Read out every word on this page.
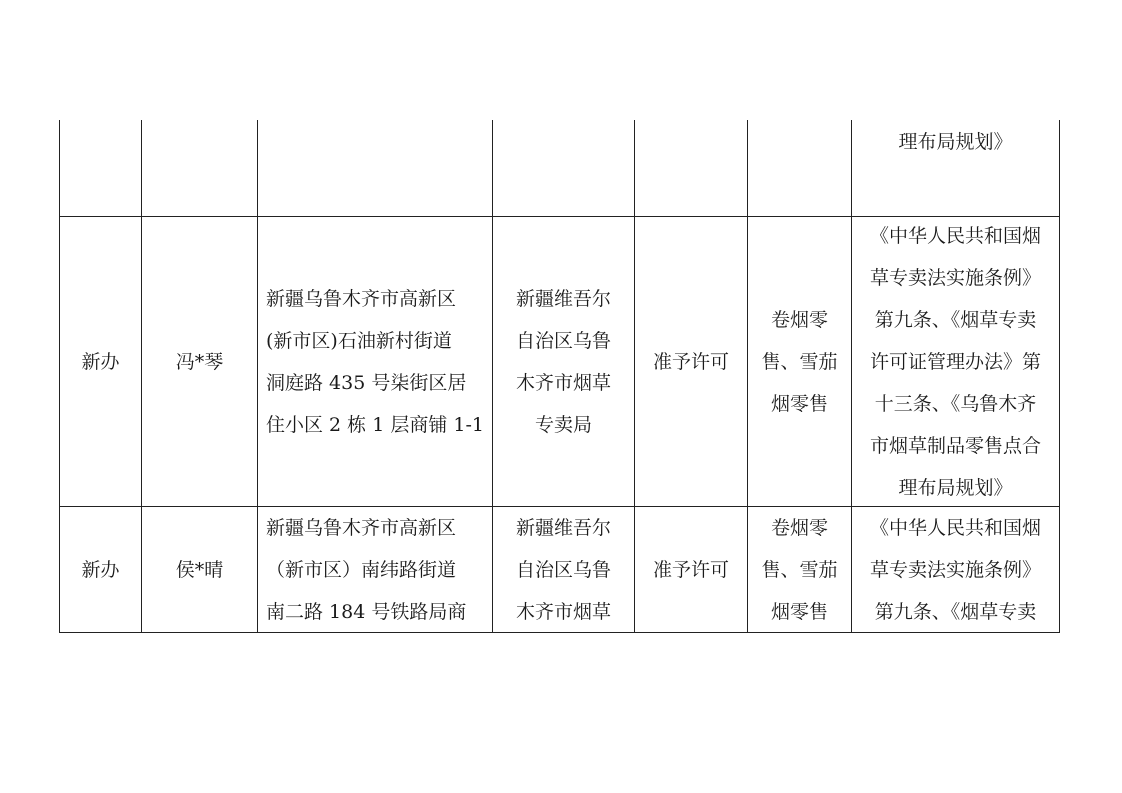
理布局规划》
新办	冯*琴
新疆乌鲁木齐市高新区
(新市区)石油新村街道
洞庭路 435 号柒街区居
住小区 2 栋 1 层商铺 1-1
新疆维吾尔
自治区乌鲁
木齐市烟草
专卖局
准予许可
卷烟零
售、雪茄
烟零售
《中华人民共和国烟
草专卖法实施条例》
第九条、《烟草专卖
许可证管理办法》第
十三条、《乌鲁木齐
市烟草制品零售点合
理布局规划》
新办	侯*晴
新疆乌鲁木齐市高新区
（新市区）南纬路街道
南二路 184 号铁路局商
新疆维吾尔
自治区乌鲁
木齐市烟草
准予许可
卷烟零
售、雪茄
烟零售
《中华人民共和国烟
草专卖法实施条例》
第九条、《烟草专卖
